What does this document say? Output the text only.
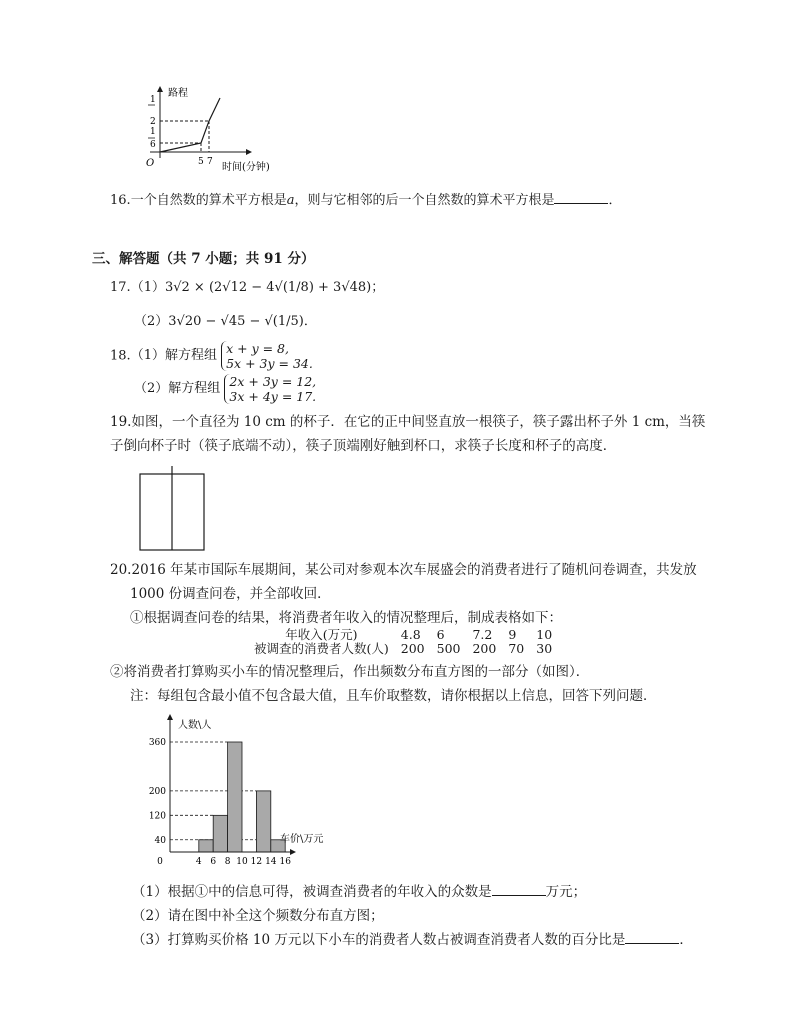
路程
时间(分钟)
O
1
2
1
6
5 7
16.一个自然数的算术平方根是a，则与它相邻的后一个自然数的算术平方根是	．
三、解答题（共 7 小题；共 91 分）
17.（1）3√2 × (2√12 − 4√(1/8) + 3√48)；
（2）3√20 − √45 − √(1/5)．
18.（1）解方程组 x + y = 8,
5x + 3y = 34.
（2）解方程组 2x + 3y = 12,
3x + 4y = 17.
19.如图，一个直径为 10 cm 的杯子．在它的正中间竖直放一根筷子，筷子露出杯子外 1 cm，当筷
子倒向杯子时（筷子底端不动），筷子顶端刚好触到杯口，求筷子长度和杯子的高度．
20.2016 年某市国际车展期间，某公司对参观本次车展盛会的消费者进行了随机问卷调查，共发放
1000 份调查问卷，并全部收回．
①根据调查问卷的结果，将消费者年收入的情况整理后，制成表格如下：
年收入(万元)	4.8	6	7.2	9	10
被调查的消费者人数(人)	200	500	200	70	30
②将消费者打算购买小车的情况整理后，作出频数分布直方图的一部分（如图）．
注：每组包含最小值不包含最大值，且车价取整数，请你根据以上信息，回答下列问题．
人数\人
车价\万元
40
120
200
360
0	4 6 8 10 12 14 16
（1）根据①中的信息可得，被调查消费者的年收入的众数是	万元；
（2）请在图中补全这个频数分布直方图；
（3）打算购买价格 10 万元以下小车的消费者人数占被调查消费者人数的百分比是	．
